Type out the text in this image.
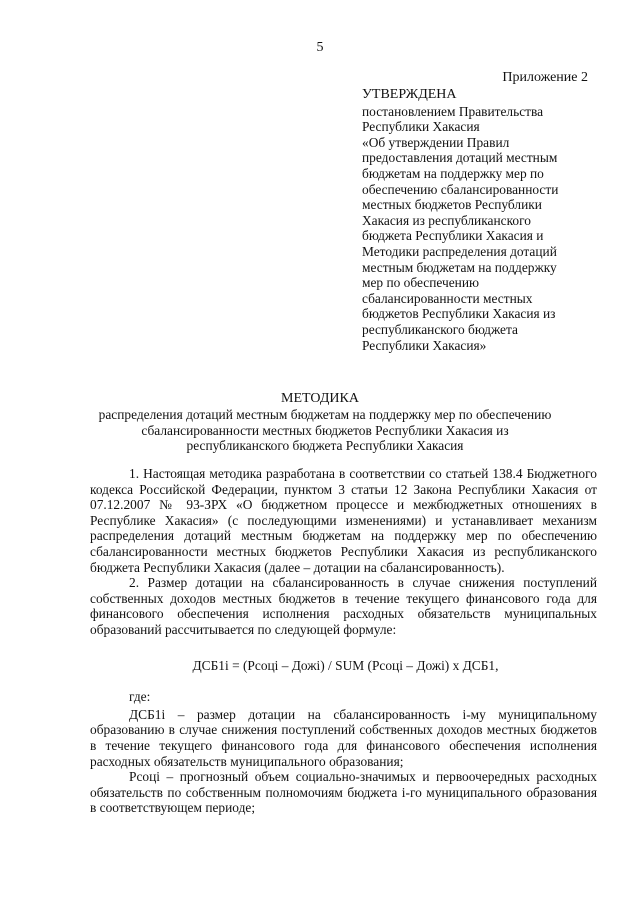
5
Приложение 2
УТВЕРЖДЕНА
постановлением Правительства
Республики Хакасия
«Об утверждении Правил
предоставления дотаций местным
бюджетам на поддержку мер по
обеспечению сбалансированности
местных бюджетов Республики
Хакасия из республиканского
бюджета Республики Хакасия и
Методики распределения дотаций
местным бюджетам на поддержку
мер по обеспечению
сбалансированности местных
бюджетов Республики Хакасия из
республиканского бюджета
Республики Хакасия»
МЕТОДИКА
распределения дотаций местным бюджетам на поддержку мер по обеспечению
сбалансированности местных бюджетов Республики Хакасия из
республиканского бюджета Республики Хакасия

1. Настоящая методика разработана в соответствии со статьей 138.4 Бюджетного кодекса Российской Федерации, пунктом 3 статьи 12 Закона Республики Хакасия от 07.12.2007 № 93-ЗРХ «О бюджетном процессе и межбюджетных отношениях в Республике Хакасия» (с последующими изменениями) и устанавливает механизм распределения дотаций местным бюджетам на поддержку мер по обеспечению сбалансированности местных бюджетов Республики Хакасия из республиканского бюджета Республики Хакасия (далее – дотации на сбалансированность).

2. Размер дотации на сбалансированность в случае снижения поступлений собственных доходов местных бюджетов в течение текущего финансового года для финансового обеспечения исполнения расходных обязательств муниципальных образований рассчитывается по следующей формуле:

ДСБ1i = (Рсоцi – Дожi) / SUM (Рсоцi – Дожi) х ДСБ1,
где:

ДСБ1i – размер дотации на сбалансированность i-му муниципальному образованию в случае снижения поступлений собственных доходов местных бюджетов в течение текущего финансового года для финансового обеспечения исполнения расходных обязательств муниципального образования;

Рсоцi – прогнозный объем социально-значимых и первоочередных расходных обязательств по собственным полномочиям бюджета i-го муниципального образования в соответствующем периоде;
